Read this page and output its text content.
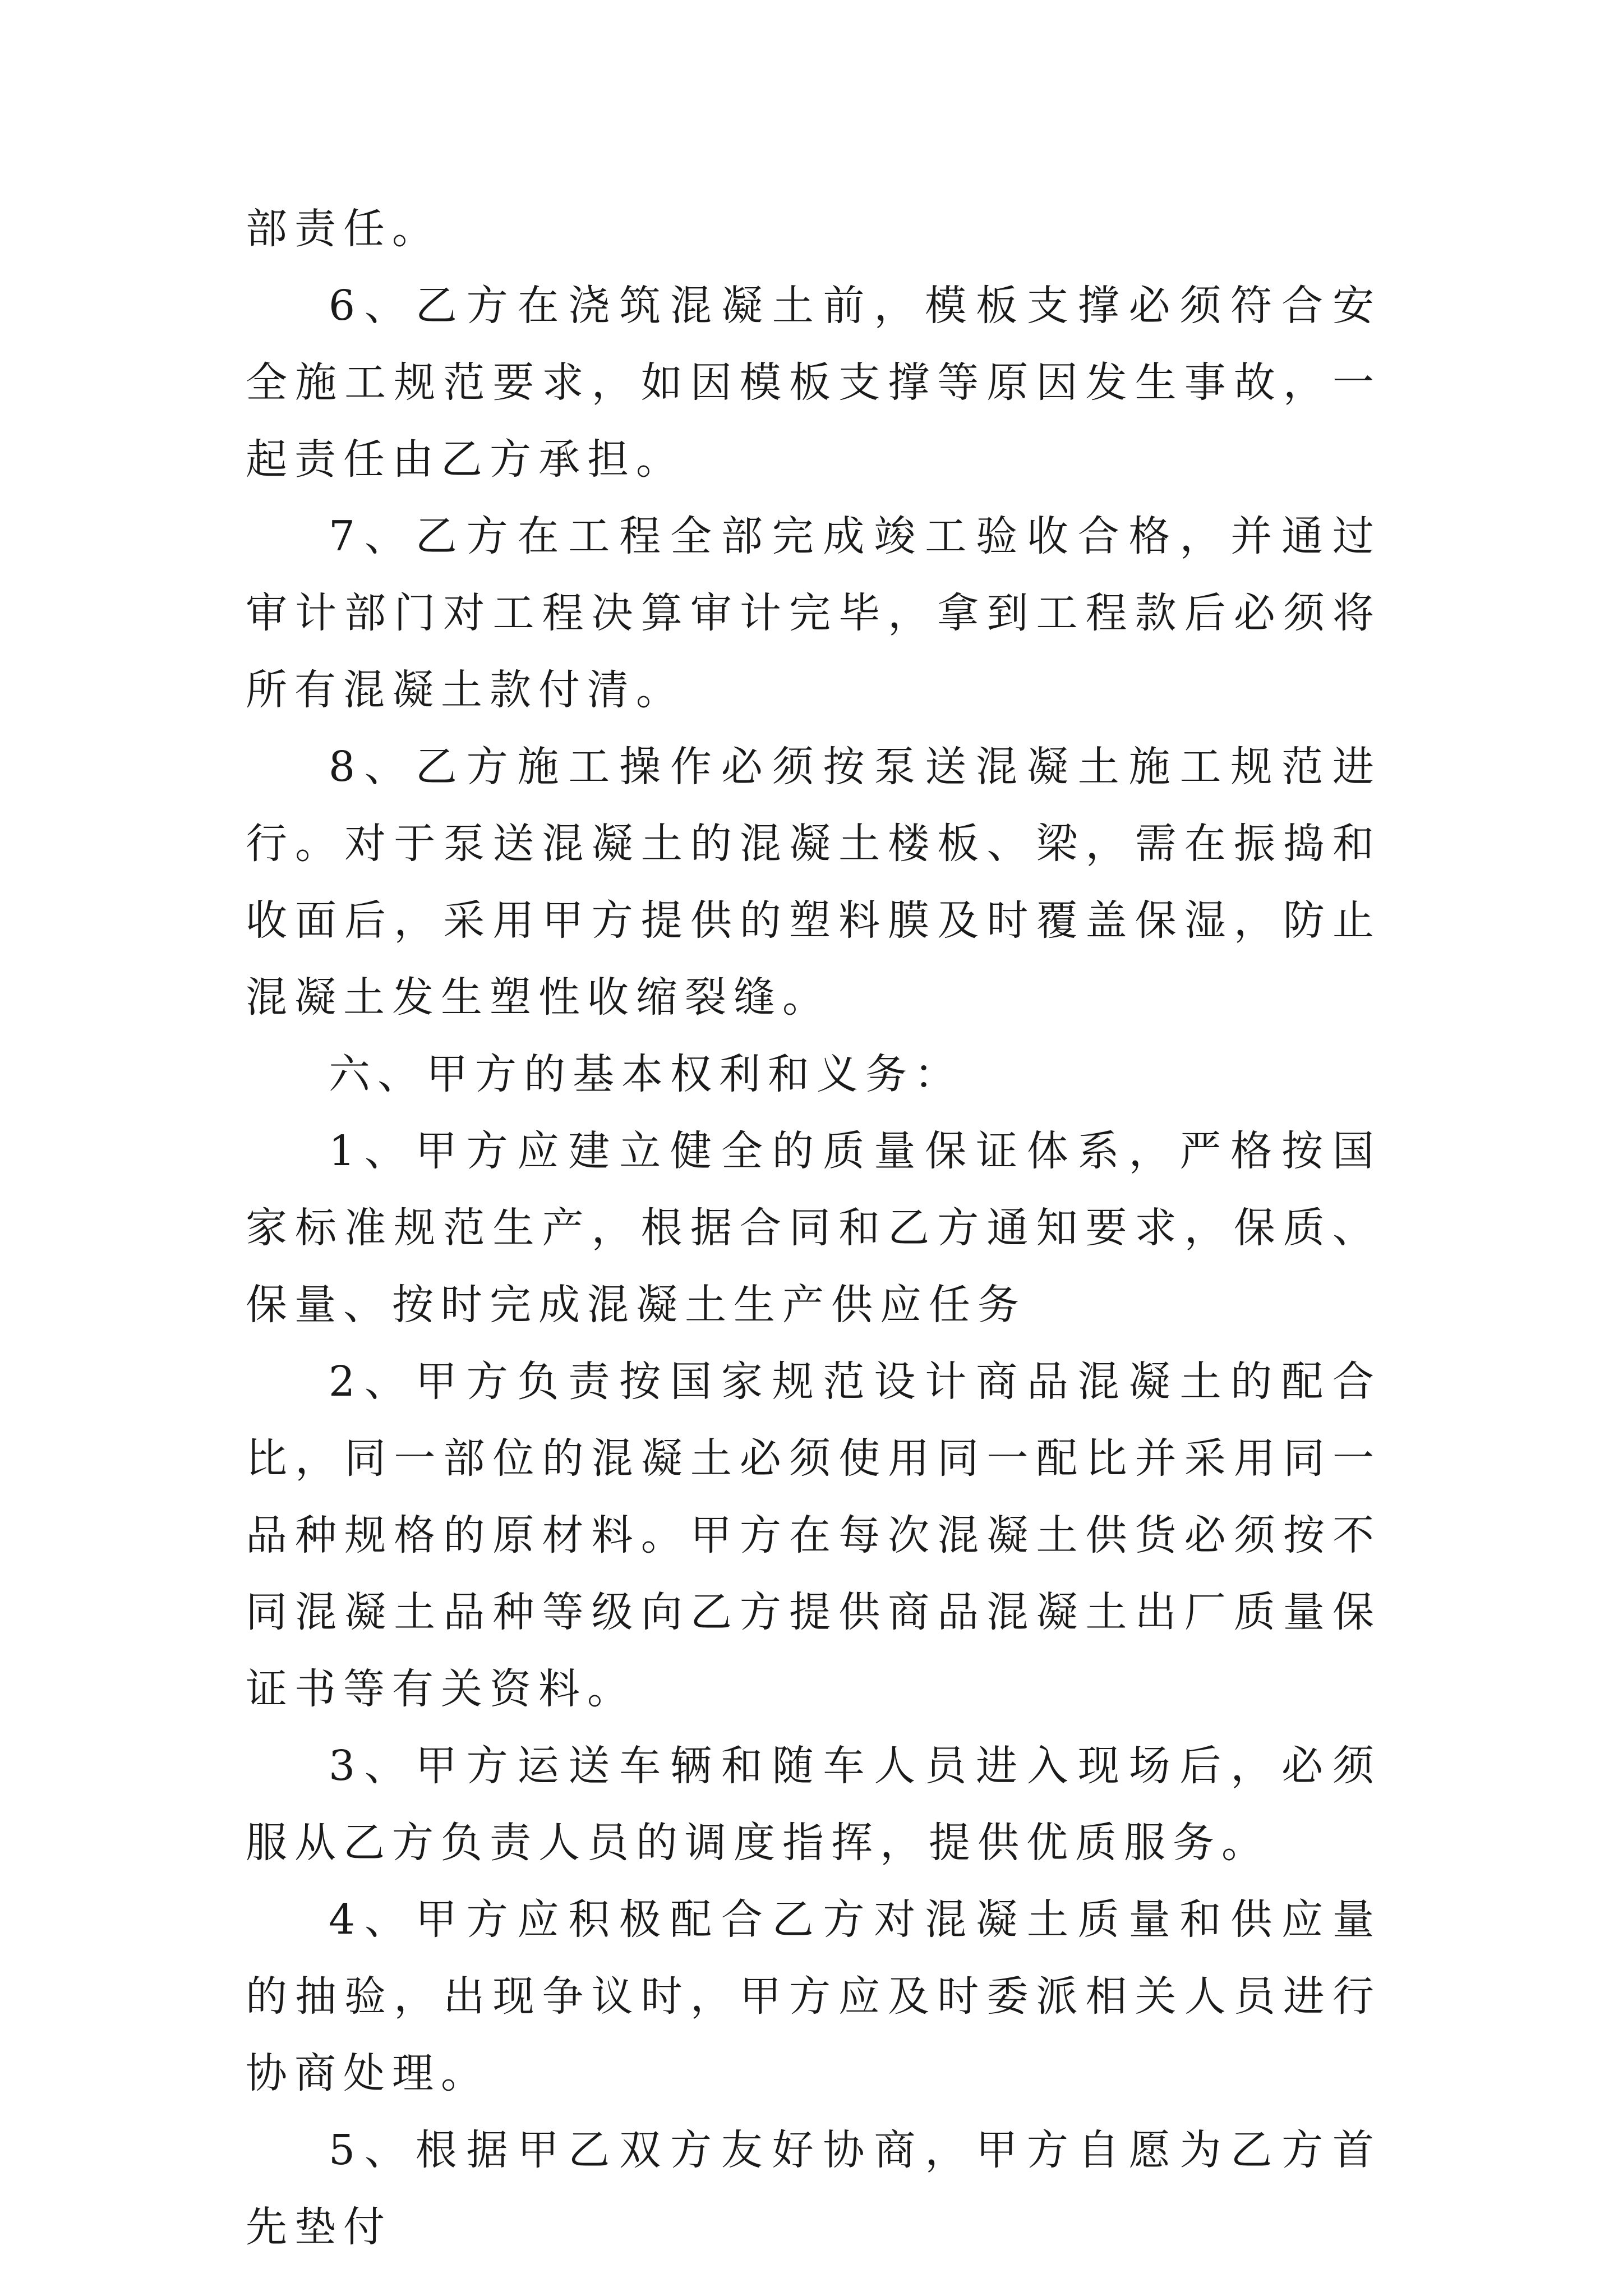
部责任。

6、乙方在浇筑混凝土前，模板支撑必须符合安全施工规范要求，如因模板支撑等原因发生事故，一起责任由乙方承担。

7、乙方在工程全部完成竣工验收合格，并通过审计部门对工程决算审计完毕，拿到工程款后必须将所有混凝土款付清。

8、乙方施工操作必须按泵送混凝土施工规范进行。对于泵送混凝土的混凝土楼板、梁，需在振捣和收面后，采用甲方提供的塑料膜及时覆盖保湿，防止混凝土发生塑性收缩裂缝。

六、甲方的基本权利和义务：

1、甲方应建立健全的质量保证体系，严格按国家标准规范生产，根据合同和乙方通知要求，保质、保量、按时完成混凝土生产供应任务

2、甲方负责按国家规范设计商品混凝土的配合比，同一部位的混凝土必须使用同一配比并采用同一品种规格的原材料。甲方在每次混凝土供货必须按不同混凝土品种等级向乙方提供商品混凝土出厂质量保证书等有关资料。

3、甲方运送车辆和随车人员进入现场后，必须服从乙方负责人员的调度指挥，提供优质服务。

4、甲方应积极配合乙方对混凝土质量和供应量的抽验，出现争议时，甲方应及时委派相关人员进行协商处理。

5、根据甲乙双方友好协商，甲方自愿为乙方首先垫付
